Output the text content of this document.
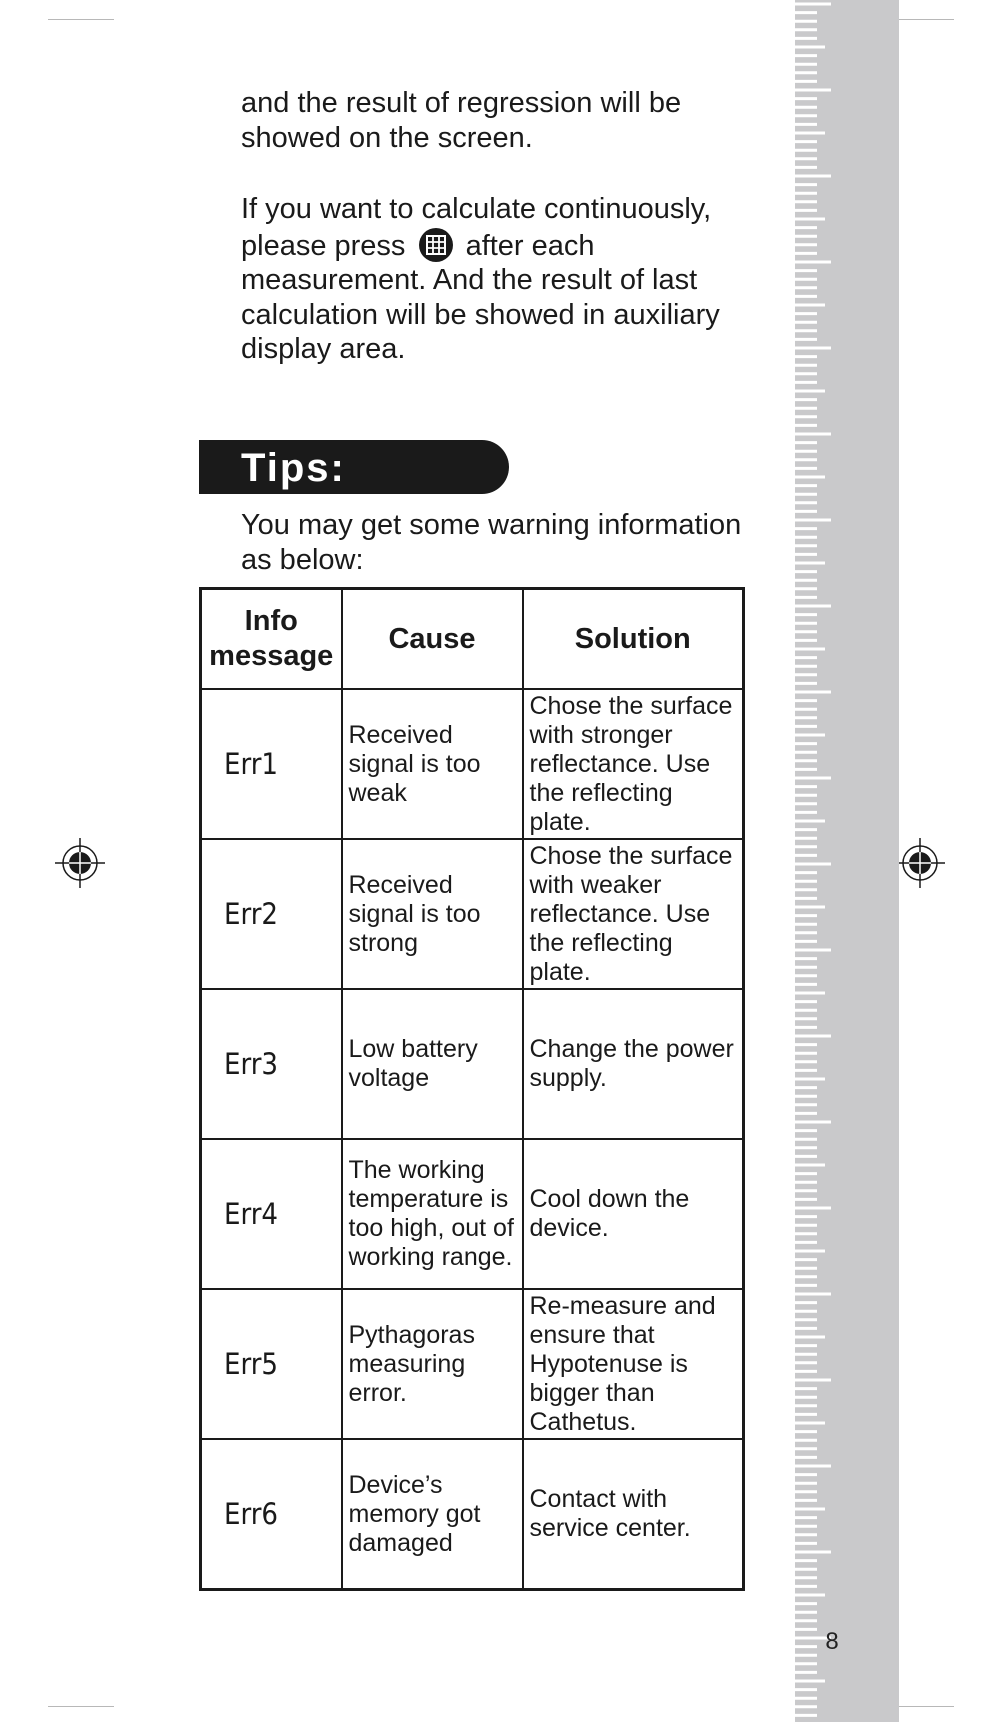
8

and the result of regression will be showed on the screen.

If you want to calculate continuously, please press after each measurement. And the result of last calculation will be showed in auxiliary display area.

Tips:

You may get some warning information as below:

Info message	Cause	Solution
Err1	Received signal is too weak	Chose the surface with stronger reflectance. Use the reflecting plate.
Err2	Received signal is too strong	Chose the surface with weaker reflectance. Use the reflecting plate.
Err3	Low battery voltage	Change the power supply.
Err4	The working temperature is too high, out of working range.	Cool down the device.
Err5	Pythagoras measuring error.	Re-measure and ensure that Hypotenuse is bigger than Cathetus.
Err6	Device’s memory got damaged	Contact with service center.
